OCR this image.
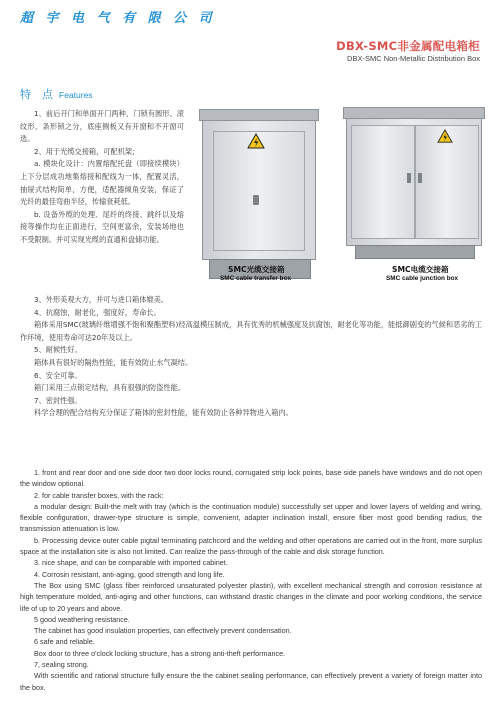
超 宇 电 气 有 限 公 司
DBX-SMC非金属配电箱柜
DBX-SMC Non-Metallic Distribution Box
特　点 Features

1、前后开门和单面开门两种，门锁有圆形、滚纹形、条形锁之分，底座侧板又有开窗和不开窗可选。

2、用于光缆交接箱，可配机架；

a. 模块化设计：内置熔配托盘（即接续模块）上下分层成功地集熔接和配线为一体，配置灵活，抽屉式结构简单，方便，适配器倾角安装，保证了光纤的最佳弯曲半径，传输衰耗低。

b. 设备外缆的处理、尾纤的终接、跳纤以及熔接等操作均在正面进行，空间更富余，安装场地也不受限制。并可实现光缆的直通和盘储功能。

SMC光缆交接箱
SMC cable transfer box
SMC电缆交接箱
SMC cable junction box

3、外形美观大方，并可与进口箱体媲美。

4、抗腐蚀，耐老化，强度好，寿命长。

箱体采用SMC(玻璃纤维增强不饱和聚酯塑料)经高温模压制成，具有优秀的机械强度及抗腐蚀，耐老化等功能，能抵御剧变的气候和恶劣的工作环境，使用寿命可达20年及以上。

5、耐候性好。

箱体具有很好的隔热性能，能有效防止水气凝结。

6、安全可靠。

箱门采用三点锁定结构，具有很强的防盗性能。

7、密封性强。

科学合理的配合结构充分保证了箱体的密封性能，能有效防止各种异物进入箱内。

1. front and rear door and one side door two door locks round, corrugated strip lock points, base side panels have windows and do not open the window optional.

2. for cable transfer boxes, with the rack:

a modular design: Built-the melt with tray (which is the continuation module) successfully set upper and lower layers of welding and wiring, flexible configuration, drawer-type structure is simple, convenient, adapter inclination install, ensure fiber most good bending radius, the transmission attenuation is low.

b. Processing device outer cable pigtail terminating patchcord and the welding and other operations are carried out in the front, more surplus space at the installation site is also not limited. Can realize the pass-through of the cable and disk storage function.

3. nice shape, and can be comparable with imported cabinet.

4. Corrosin resistant, anti-aging, good strength and long life.

The Box using SMC (glass fiber reinforced unsaturated polyester plastin), with excellent mechanical strength and corrosion resistance at high temperature molded, anti-aging and other functions, can withstand drastic changes in the climate and poor working conditions, the service life of up to 20 years and above.

5 good weathering resistance.

The cabinet has good insulation properties, can effectively prevent condensation.

6 safe and reliable.

Box door to three o'clock locking structure, has a strong anti-theft performance.

7, sealing strong.

With scientific and rational structure fully ensure the the cabinet sealing performance, can effectively prevent a variety of foreign matter into the box.
